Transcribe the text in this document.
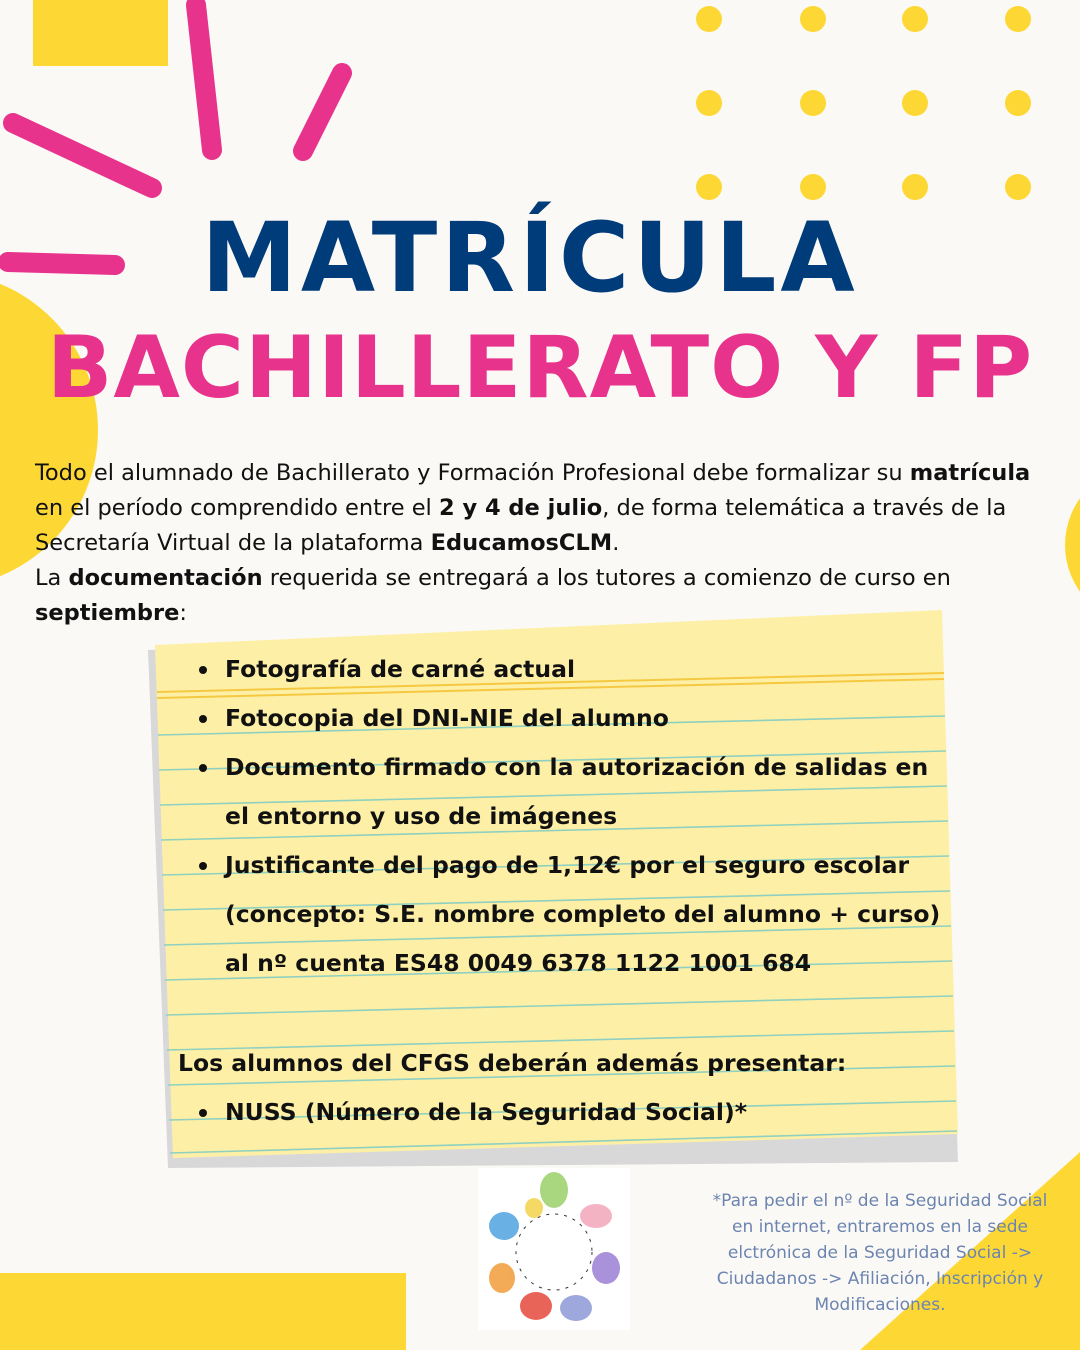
MATRÍCULA
BACHILLERATO Y FP
Todo el alumnado de Bachillerato y Formación Profesional debe formalizar su matrícula en el período comprendido entre el 2 y 4 de julio, de forma telemática a través de la Secretaría Virtual de la plataforma EducamosCLM.
La documentación requerida se entregará a los tutores a comienzo de curso en septiembre:
Fotografía de carné actual
Fotocopia del DNI-NIE del alumno
Documento firmado con la autorización de salidas en el entorno y uso de imágenes
Justificante del pago de 1,12€ por el seguro escolar (concepto: S.E. nombre completo del alumno + curso) al nº cuenta ES48 0049 6378 1122 1001 684
Los alumnos del CFGS deberán además presentar:
NUSS (Número de la Seguridad Social)*
*Para pedir el nº de la Seguridad Social en internet, entraremos en la sede elctrónica de la Seguridad Social -> Ciudadanos -> Afiliación, Inscripción y Modificaciones.
